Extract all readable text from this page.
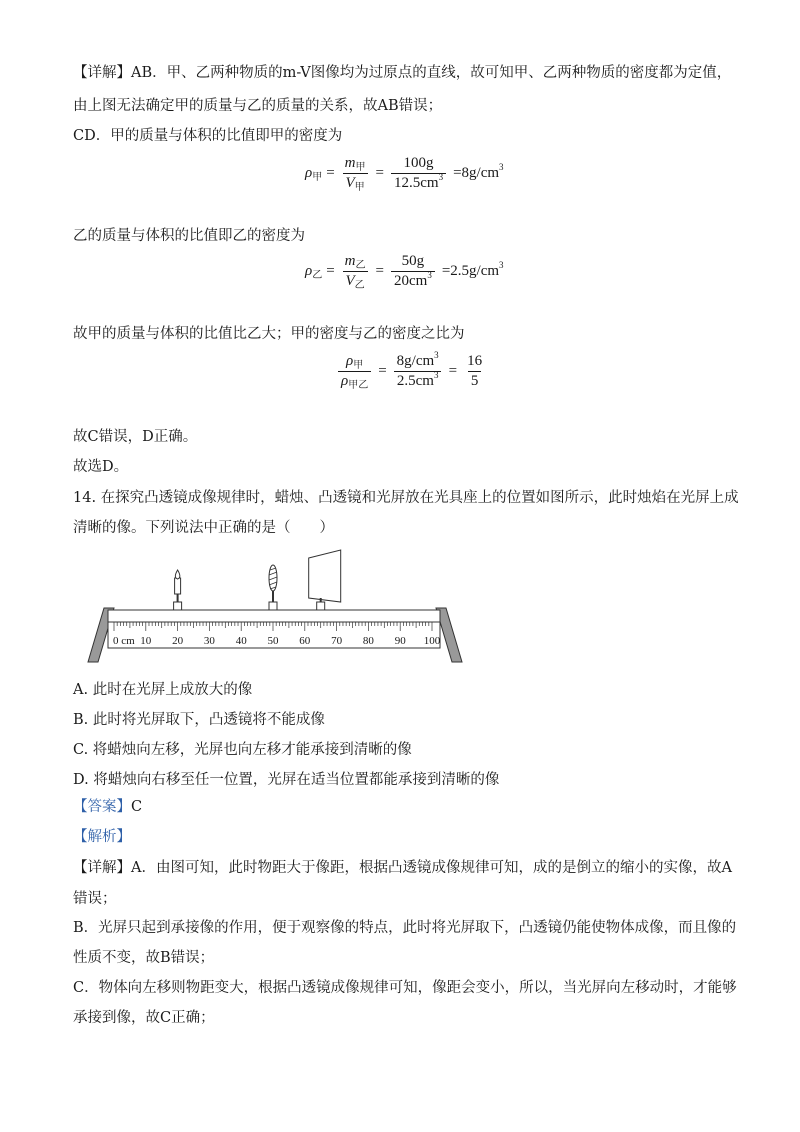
【详解】AB．甲、乙两种物质的m-V图像均为过原点的直线，故可知甲、乙两种物质的密度都为定值，
由上图无法确定甲的质量与乙的质量的关系，故AB错误；
CD．甲的质量与体积的比值即甲的密度为
$\rho_甲 = \frac{m_甲}{V_甲} = \frac{100g}{12.5cm^3} =8g/cm^3$
乙的质量与体积的比值即乙的密度为
$\rho_乙 = \frac{m_乙}{V_乙} = \frac{50g}{20cm^3} =2.5g/cm^3$
故甲的质量与体积的比值比乙大；甲的密度与乙的密度之比为
$\frac{\rho_甲}{\rho_{甲乙}} = \frac{8g/cm^3}{2.5cm^3} = \frac{16}{5}$
故C错误，D正确。
故选D。
14. 在探究凸透镜成像规律时，蜡烛、凸透镜和光屏放在光具座上的位置如图所示，此时烛焰在光屏上成
清晰的像。下列说法中正确的是（　　）
0 cm 10 20 30 40 50 60 70 80 90 100
A. 此时在光屏上成放大的像
B. 此时将光屏取下，凸透镜将不能成像
C. 将蜡烛向左移，光屏也向左移才能承接到清晰的像
D. 将蜡烛向右移至任一位置，光屏在适当位置都能承接到清晰的像
【答案】C
【解析】
【详解】A．由图可知，此时物距大于像距，根据凸透镜成像规律可知，成的是倒立的缩小的实像，故A
错误；
B．光屏只起到承接像的作用，便于观察像的特点，此时将光屏取下，凸透镜仍能使物体成像，而且像的
性质不变，故B错误；
C．物体向左移则物距变大，根据凸透镜成像规律可知，像距会变小，所以，当光屏向左移动时，才能够
承接到像，故C正确；
